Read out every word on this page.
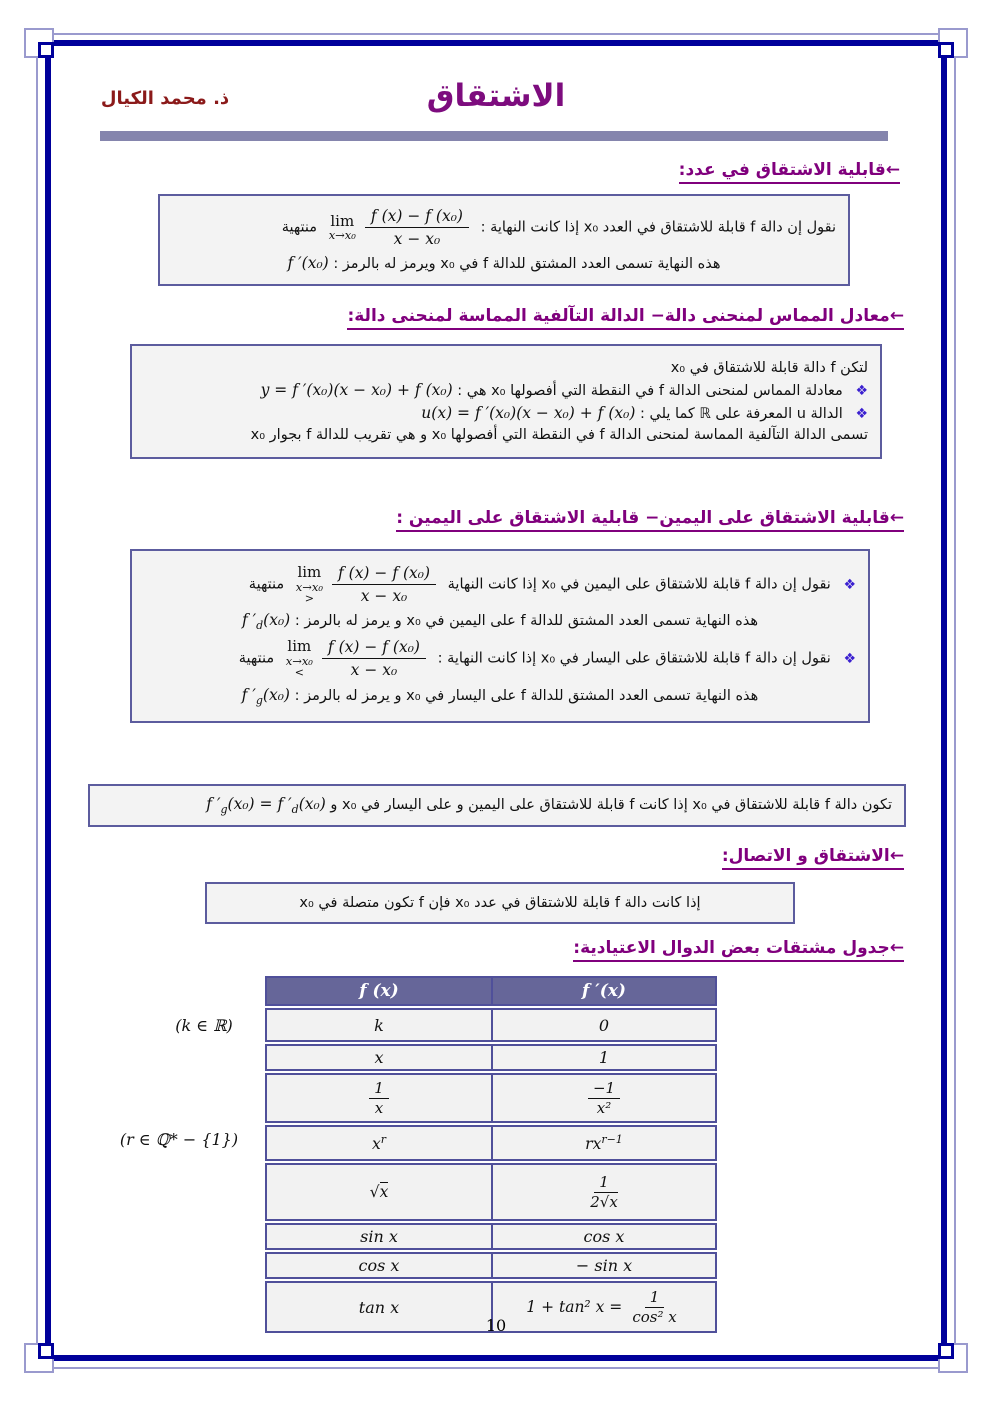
ذ. محمد الكيال	الاشتقاق
←قابلية الاشتقاق في عدد:
نقول إن دالة f قابلة للاشتقاق في العدد x₀ إذا كانت النهاية :
lim
$x\to x_0 \frac{\text{f (x) − f (x₀)}}{\text{x − x₀}}$
منتهية
هذه النهاية تسمى العدد المشتق للدالة f في x₀ ويرمز له بالرمز : f ′(x₀)
←معادل المماس لمنحنى دالة− الدالة التآلفية المماسة لمنحنى دالة:
لتكن f دالة قابلة للاشتقاق في x₀
❖ معادلة المماس لمنحنى الدالة f في النقطة التي أفصولها x₀ هي : y = f ′(x₀)(x − x₀) + f (x₀)
❖ الدالة u المعرفة على ℝ كما يلي : u(x) = f ′(x₀)(x − x₀) + f (x₀)
تسمى الدالة التآلفية المماسة لمنحنى الدالة f في النقطة التي أفصولها x₀ و هي تقريب للدالة f بجوار x₀
←قابلية الاشتقاق على اليمين− قابلية الاشتقاق على اليمين :
❖ نقول إن دالة f قابلة للاشتقاق على اليمين في x₀ إذا كانت النهاية
lim
x→x₀
> $\frac{\text{f (x) − f (x₀)}}{\text{x − x₀}}$
منتهية
هذه النهاية تسمى العدد المشتق للدالة f على اليمين في x₀ و يرمز له بالرمز : f $'_d(x_0)$
❖ نقول إن دالة f قابلة للاشتقاق على اليسار في x₀ إذا كانت النهاية :
lim
x→x₀
< $\frac{\text{f (x) − f (x₀)}}{\text{x − x₀}}$
منتهية
هذه النهاية تسمى العدد المشتق للدالة f على اليسار في x₀ و يرمز له بالرمز : f $'_g(x_0)$
تكون دالة f قابلة للاشتقاق في x₀ إذا كانت f قابلة للاشتقاق على اليمين و على اليسار في x₀ و f $'_g(x_0) = f$ $'_d(x_0)$
←الاشتقاق و الاتصال:
إذا كانت دالة f قابلة للاشتقاق في عدد x₀ فإن f تكون متصلة في x₀
←جدول مشتقات بعض الدوال الاعتيادية:
f (x)	f ′(x)
k	0
x	1
$\frac{1}{x}$	$\frac{-1}{\text{x²}}$
$x^r$	$rx^{r-1}$
√x	$\frac{1}{2√x}$
sin x	cos x
cos x	− sin x
tan x	1 + tan² x =
$\frac{1}{\text{cos² x}}$
(k ∈ ℝ)
(r ∈ ℚ* − {1})
10
